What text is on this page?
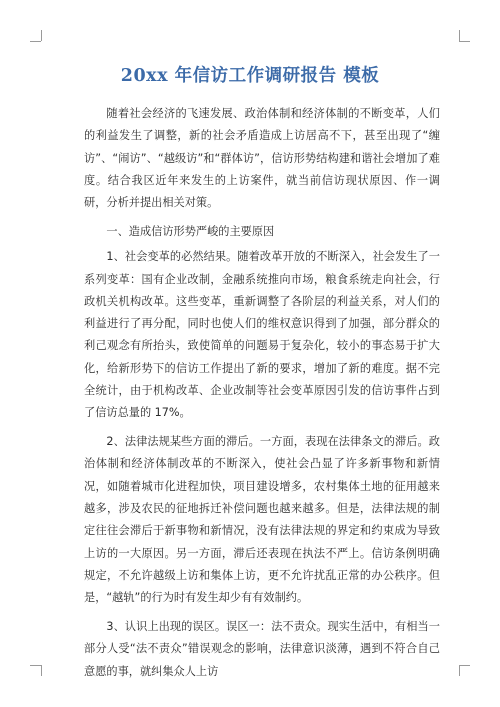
20xx 年信访工作调研报告 模板

随着社会经济的飞速发展、政治体制和经济体制的不断变革，人们的利益发生了调整，新的社会矛盾造成上访居高不下，甚至出现了“缠访”、“闹访”、“越级访”和“群体访”，信访形势结构建和谐社会增加了难度。结合我区近年来发生的上访案件，就当前信访现状原因、作一调研，分析并提出相关对策。

一、造成信访形势严峻的主要原因

1、社会变革的必然结果。随着改革开放的不断深入，社会发生了一系列变革：国有企业改制，金融系统推向市场，粮食系统走向社会，行政机关机构改革。这些变革，重新调整了各阶层的利益关系，对人们的利益进行了再分配，同时也使人们的维权意识得到了加强，部分群众的利己观念有所抬头，致使简单的问题易于复杂化，较小的事态易于扩大化，给新形势下的信访工作提出了新的要求，增加了新的难度。据不完全统计，由于机构改革、企业改制等社会变革原因引发的信访事件占到了信访总量的 17%。

2、法律法规某些方面的滞后。一方面，表现在法律条文的滞后。政治体制和经济体制改革的不断深入，使社会凸显了许多新事物和新情况，如随着城市化进程加快，项目建设增多，农村集体土地的征用越来越多，涉及农民的征地拆迁补偿问题也越来越多。但是，法律法规的制定往往会滞后于新事物和新情况，没有法律法规的界定和约束成为导致上访的一大原因。另一方面，滞后还表现在执法不严上。信访条例明确规定，不允许越级上访和集体上访，更不允许扰乱正常的办公秩序。但是，“越轨”的行为时有发生却少有有效制约。

3、认识上出现的误区。误区一：法不责众。现实生活中，有相当一部分人受“法不责众”错误观念的影响，法律意识淡薄，遇到不符合自己意愿的事，就纠集众人上访
